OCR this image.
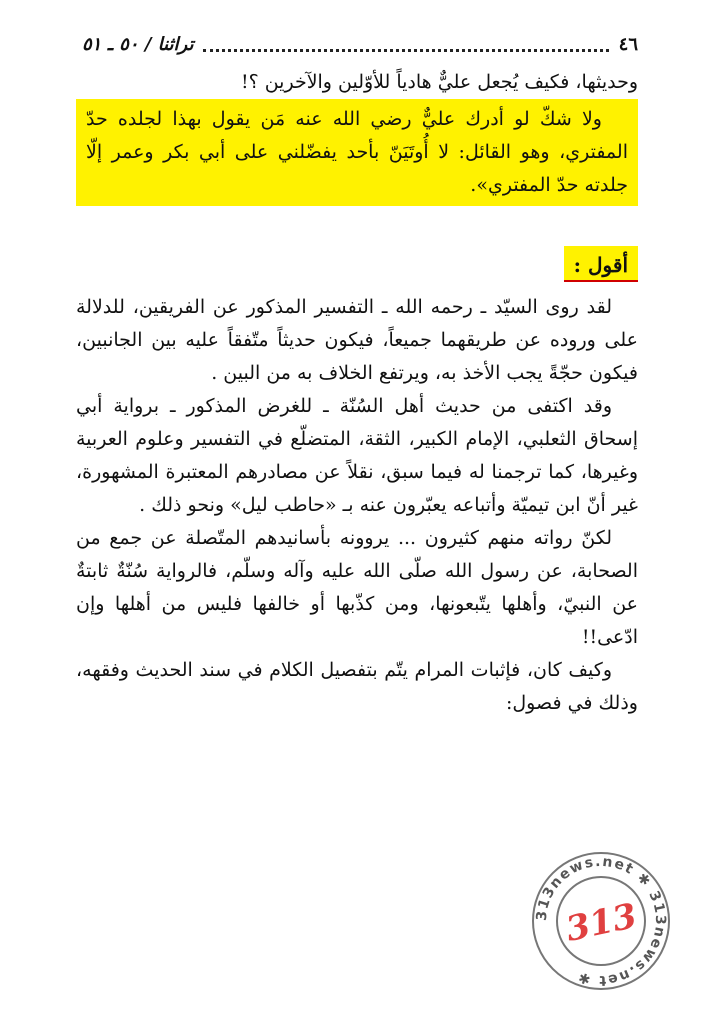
٤٦
تراثنا / ٥٠ ـ ٥١

وحديثها، فكيف يُجعل عليٌّ هادياً للأوّلين والآخرين ؟!

ولا شكّ لو أدرك عليٌّ رضي الله عنه مَن يقول بهذا لجلده حدّ المفتري، وهو القائل: لا أُوتَيَنّ بأحد يفضّلني على أبي بكر وعمر إلّا جلدته حدّ المفتري».

أقول :

لقد روى السيّد ـ رحمه الله ـ التفسير المذكور عن الفريقين، للدلالة على وروده عن طريقهما جميعاً، فيكون حديثاً متّفقاً عليه بين الجانبين، فيكون حجّةً يجب الأخذ به، ويرتفع الخلاف به من البين .

وقد اكتفى من حديث أهل السُنّة ـ للغرض المذكور ـ برواية أبي إسحاق الثعلبي، الإمام الكبير، الثقة، المتضلّع في التفسير وعلوم العربية وغيرها، كما ترجمنا له فيما سبق، نقلاً عن مصادرهم المعتبرة المشهورة، غير أنّ ابن تيميّة وأتباعه يعبّرون عنه بـ «حاطب ليل» ونحو ذلك .

لكنّ رواته منهم كثيرون ... يروونه بأسانيدهم المتّصلة عن جمع من الصحابة، عن رسول الله صلّى الله عليه وآله وسلّم، فالرواية سُنّةٌ ثابتةٌ عن النبيّ، وأهلها يتّبعونها، ومن كذّبها أو خالفها فليس من أهلها وإن ادّعى!!

وكيف كان، فإثبات المرام يتّم بتفصيل الكلام في سند الحديث وفقهه، وذلك في فصول:

313news.net ✱ 313news.net ✱
313
